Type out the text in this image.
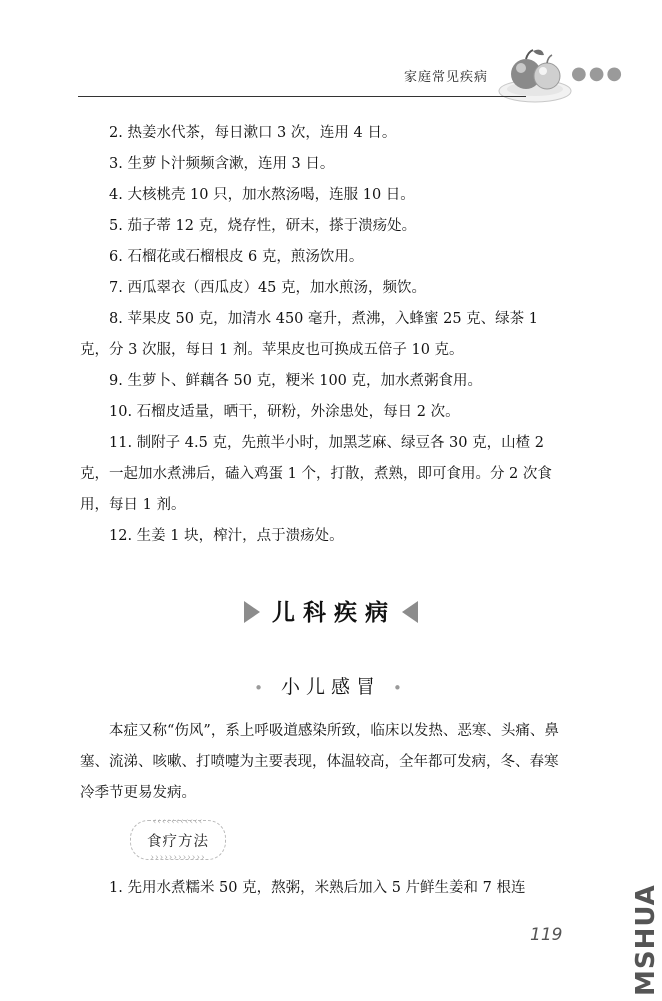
家庭常见疾病	●●●
2. 热姜水代茶，每日漱口 3 次，连用 4 日。
3. 生萝卜汁频频含漱，连用 3 日。
4. 大核桃壳 10 只，加水熬汤喝，连服 10 日。
5. 茄子蒂 12 克，烧存性，研末，搽于溃疡处。
6. 石榴花或石榴根皮 6 克，煎汤饮用。
7. 西瓜翠衣（西瓜皮）45 克，加水煎汤，频饮。
8. 苹果皮 50 克，加清水 450 毫升，煮沸，入蜂蜜 25 克、绿茶 1 克，分 3 次服，每日 1 剂。苹果皮也可换成五倍子 10 克。
9. 生萝卜、鲜藕各 50 克，粳米 100 克，加水煮粥食用。
10. 石榴皮适量，晒干，研粉，外涂患处，每日 2 次。
11. 制附子 4.5 克，先煎半小时，加黑芝麻、绿豆各 30 克，山楂 2 克，一起加水煮沸后，磕入鸡蛋 1 个，打散，煮熟，即可食用。分 2 次食用，每日 1 剂。
12. 生姜 1 块，榨汁，点于溃疡处。
儿科疾病
• 小儿感冒 •
本症又称“伤风”，系上呼吸道感染所致，临床以发热、恶寒、头痛、鼻塞、流涕、咳嗽、打喷嚏为主要表现，体温较高，全年都可发病，冬、春寒冷季节更易发病。
‹‹‹‹‹‹‹‹‹‹‹
食疗方法
››››››››››››
1. 先用水煮糯米 50 克，熬粥，米熟后加入 5 片鲜生姜和 7 根连
119	MSHUA
